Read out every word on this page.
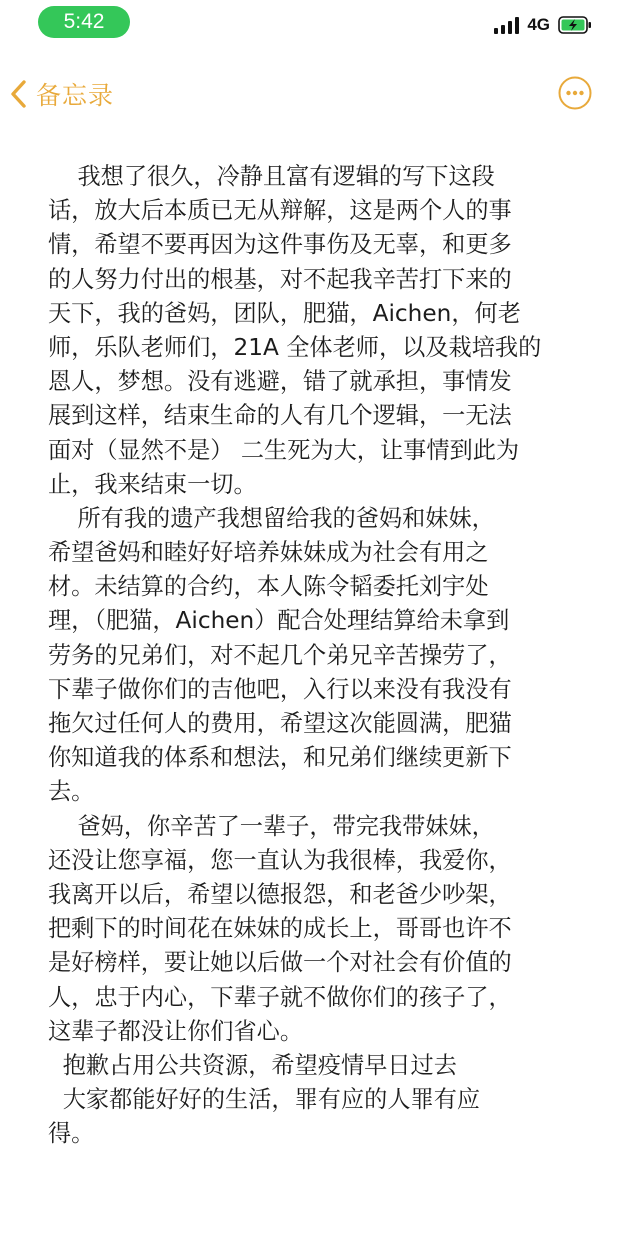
5:42	4G
备忘录
我想了很久，冷静且富有逻辑的写下这段
话，放大后本质已无从辩解，这是两个人的事
情，希望不要再因为这件事伤及无辜，和更多
的人努力付出的根基，对不起我辛苦打下来的
天下，我的爸妈，团队，肥猫，Aichen，何老
师，乐队老师们，21A 全体老师，以及栽培我的
恩人，梦想。没有逃避，错了就承担，事情发
展到这样，结束生命的人有几个逻辑，一无法
面对（显然不是） 二生死为大，让事情到此为
止，我来结束一切。
所有我的遗产我想留给我的爸妈和妹妹，
希望爸妈和睦好好培养妹妹成为社会有用之
材。未结算的合约，本人陈令韬委托刘宇处
理，（肥猫，Aichen）配合处理结算给未拿到
劳务的兄弟们，对不起几个弟兄辛苦操劳了，
下辈子做你们的吉他吧，入行以来没有我没有
拖欠过任何人的费用，希望这次能圆满，肥猫
你知道我的体系和想法，和兄弟们继续更新下
去。
爸妈，你辛苦了一辈子，带完我带妹妹，
还没让您享福，您一直认为我很棒，我爱你，
我离开以后，希望以德报怨，和老爸少吵架，
把剩下的时间花在妹妹的成长上，哥哥也许不
是好榜样，要让她以后做一个对社会有价值的
人，忠于内心，下辈子就不做你们的孩子了，
这辈子都没让你们省心。
抱歉占用公共资源，希望疫情早日过去
大家都能好好的生活，罪有应的人罪有应
得。
